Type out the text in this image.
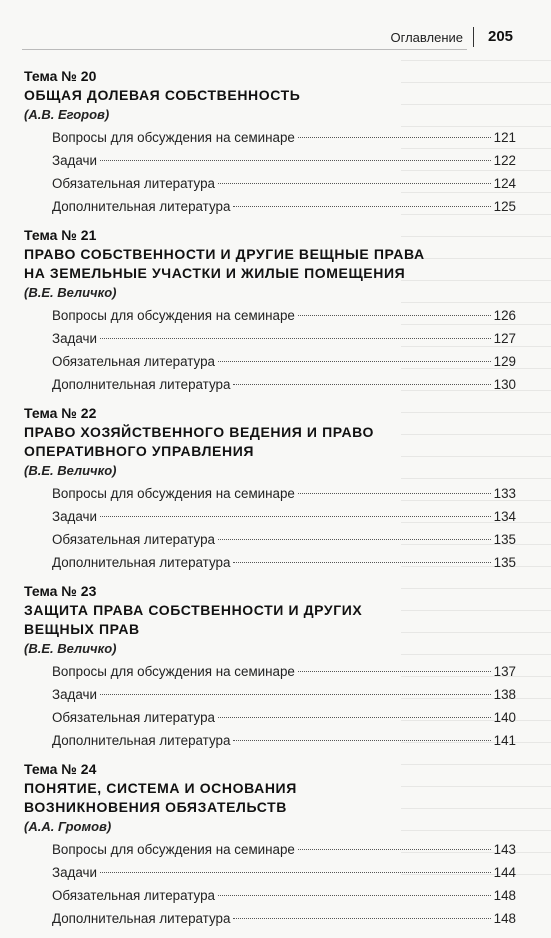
Оглавление 205
Тема № 20
ОБЩАЯ ДОЛЕВАЯ СОБСТВЕННОСТЬ
(А.В. Егоров)
Вопросы для обсуждения на семинаре	121
Задачи	122
Обязательная литература	124
Дополнительная литература	125
Тема № 21
ПРАВО СОБСТВЕННОСТИ И ДРУГИЕ ВЕЩНЫЕ ПРАВА
НА ЗЕМЕЛЬНЫЕ УЧАСТКИ И ЖИЛЫЕ ПОМЕЩЕНИЯ
(В.Е. Величко)
Вопросы для обсуждения на семинаре	126
Задачи	127
Обязательная литература	129
Дополнительная литература	130
Тема № 22
ПРАВО ХОЗЯЙСТВЕННОГО ВЕДЕНИЯ И ПРАВО
ОПЕРАТИВНОГО УПРАВЛЕНИЯ
(В.Е. Величко)
Вопросы для обсуждения на семинаре	133
Задачи	134
Обязательная литература	135
Дополнительная литература	135
Тема № 23
ЗАЩИТА ПРАВА СОБСТВЕННОСТИ И ДРУГИХ
ВЕЩНЫХ ПРАВ
(В.Е. Величко)
Вопросы для обсуждения на семинаре	137
Задачи	138
Обязательная литература	140
Дополнительная литература	141
Тема № 24
ПОНЯТИЕ, СИСТЕМА И ОСНОВАНИЯ
ВОЗНИКНОВЕНИЯ ОБЯЗАТЕЛЬСТВ
(А.А. Громов)
Вопросы для обсуждения на семинаре	143
Задачи	144
Обязательная литература	148
Дополнительная литература	148
